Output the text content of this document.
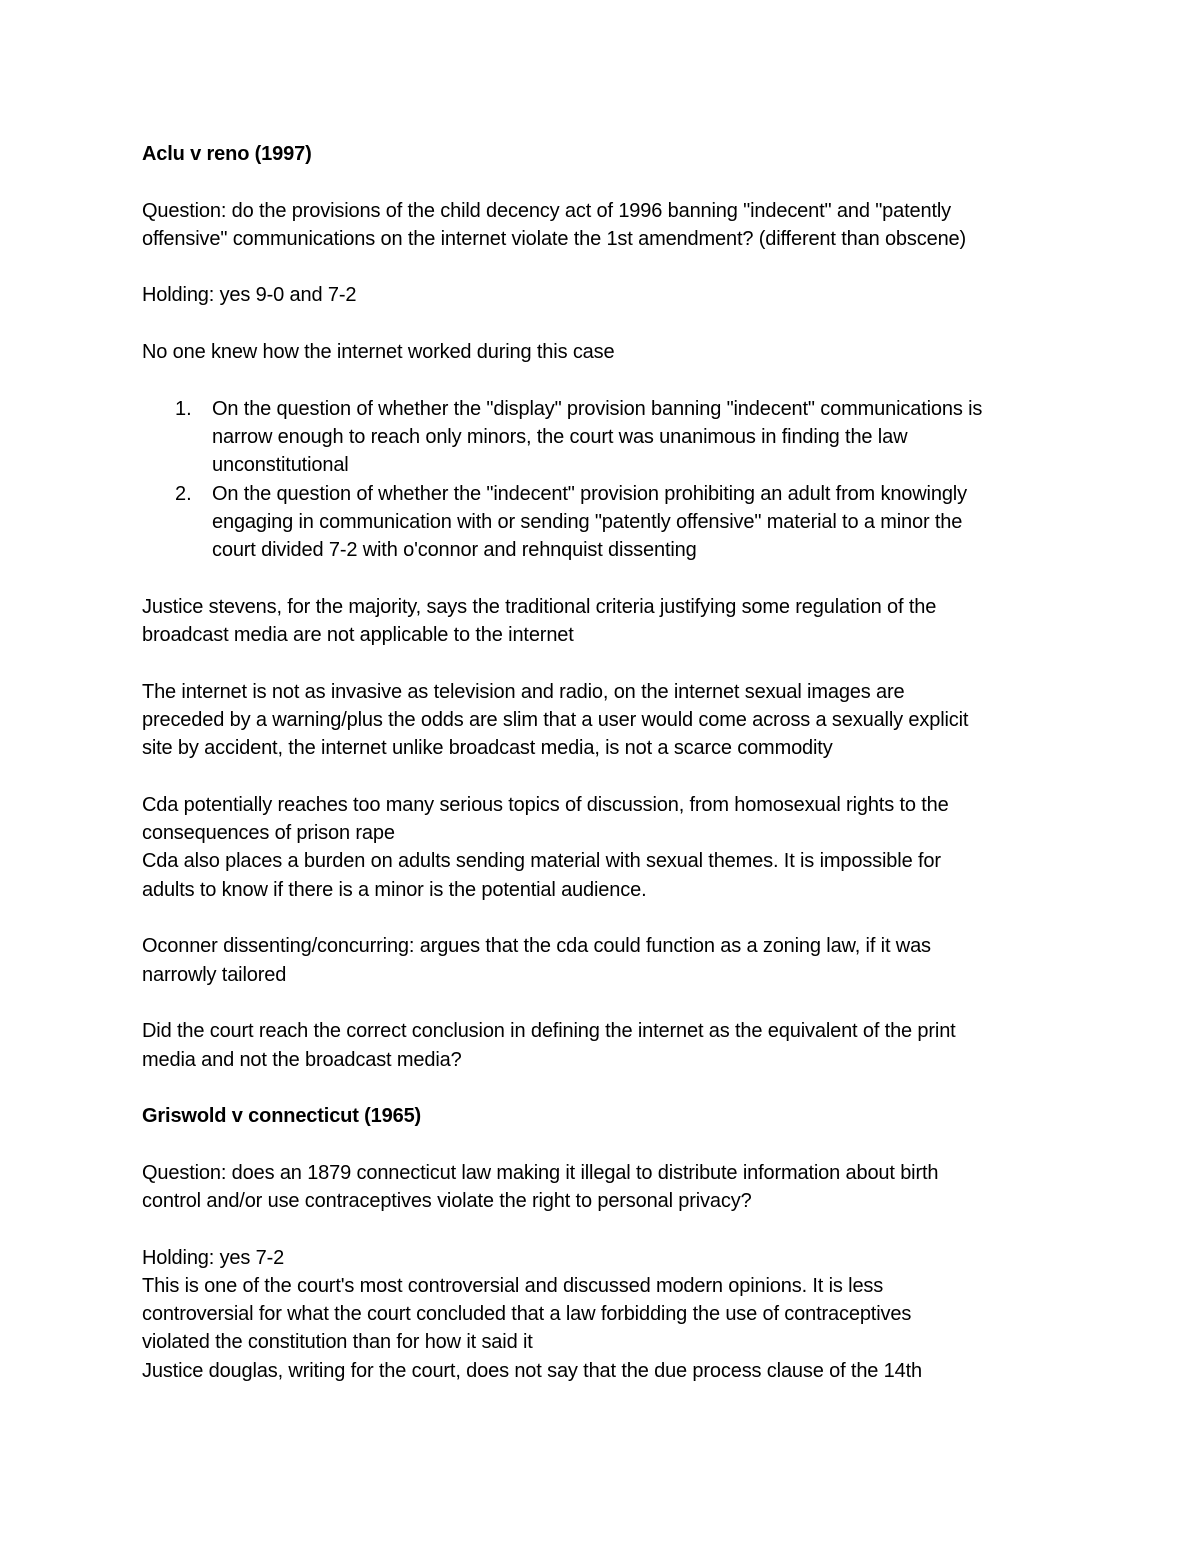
Aclu v reno (1997)
Question: do the provisions of the child decency act of 1996 banning "indecent" and "patently
offensive" communications on the internet violate the 1st amendment? (different than obscene)
Holding: yes 9-0 and 7-2
No one knew how the internet worked during this case
1. On the question of whether the "display" provision banning "indecent" communications is
narrow enough to reach only minors, the court was unanimous in finding the law
unconstitutional
2. On the question of whether the "indecent" provision prohibiting an adult from knowingly
engaging in communication with or sending "patently offensive" material to a minor the
court divided 7-2 with o'connor and rehnquist dissenting
Justice stevens, for the majority, says the traditional criteria justifying some regulation of the
broadcast media are not applicable to the internet
The internet is not as invasive as television and radio, on the internet sexual images are
preceded by a warning/plus the odds are slim that a user would come across a sexually explicit
site by accident, the internet unlike broadcast media, is not a scarce commodity
Cda potentially reaches too many serious topics of discussion, from homosexual rights to the
consequences of prison rape
Cda also places a burden on adults sending material with sexual themes. It is impossible for
adults to know if there is a minor is the potential audience.
Oconner dissenting/concurring: argues that the cda could function as a zoning law, if it was
narrowly tailored
Did the court reach the correct conclusion in defining the internet as the equivalent of the print
media and not the broadcast media?
Griswold v connecticut (1965)
Question: does an 1879 connecticut law making it illegal to distribute information about birth
control and/or use contraceptives violate the right to personal privacy?
Holding: yes 7-2
This is one of the court's most controversial and discussed modern opinions. It is less
controversial for what the court concluded that a law forbidding the use of contraceptives
violated the constitution than for how it said it
Justice douglas, writing for the court, does not say that the due process clause of the 14th
